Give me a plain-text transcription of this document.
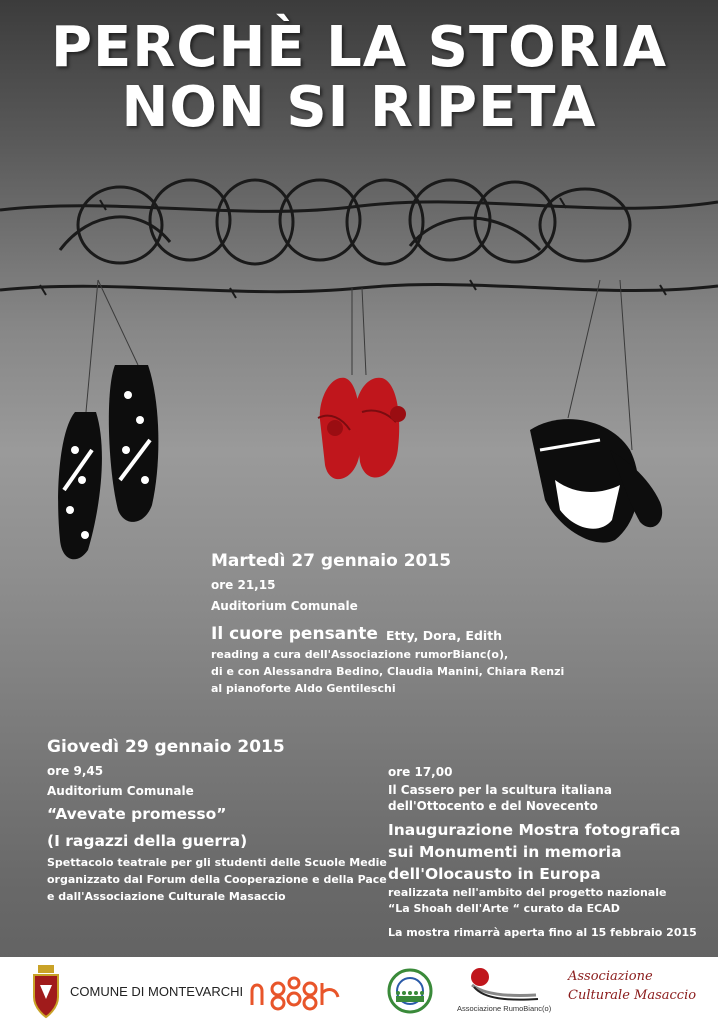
PERCHÈ LA STORIA
NON SI RIPETA
Martedì 27 gennaio 2015
ore 21,15
Auditorium Comunale
Il cuore pensante Etty, Dora, Edith
reading a cura dell'Associazione rumorBianc(o),
di e con Alessandra Bedino, Claudia Manini, Chiara Renzi
al pianoforte Aldo Gentileschi
Giovedì 29 gennaio 2015
ore 9,45
Auditorium Comunale
“Avevate promesso”
(I ragazzi della guerra)
Spettacolo teatrale per gli studenti delle Scuole Medie
organizzato dal Forum della Cooperazione e della Pace
e dall'Associazione Culturale Masaccio
ore 17,00
Il Cassero per la scultura italiana
dell'Ottocento e del Novecento
Inaugurazione Mostra fotografica
sui Monumenti in memoria
dell'Olocausto in Europa
realizzata nell'ambito del progetto nazionale
“La Shoah dell'Arte “ curato da ECAD
La mostra rimarrà aperta fino al 15 febbraio 2015
COMUNE DI MONTEVARCHI
Associazione RumoBianc(o)
Associazione
Culturale Masaccio
